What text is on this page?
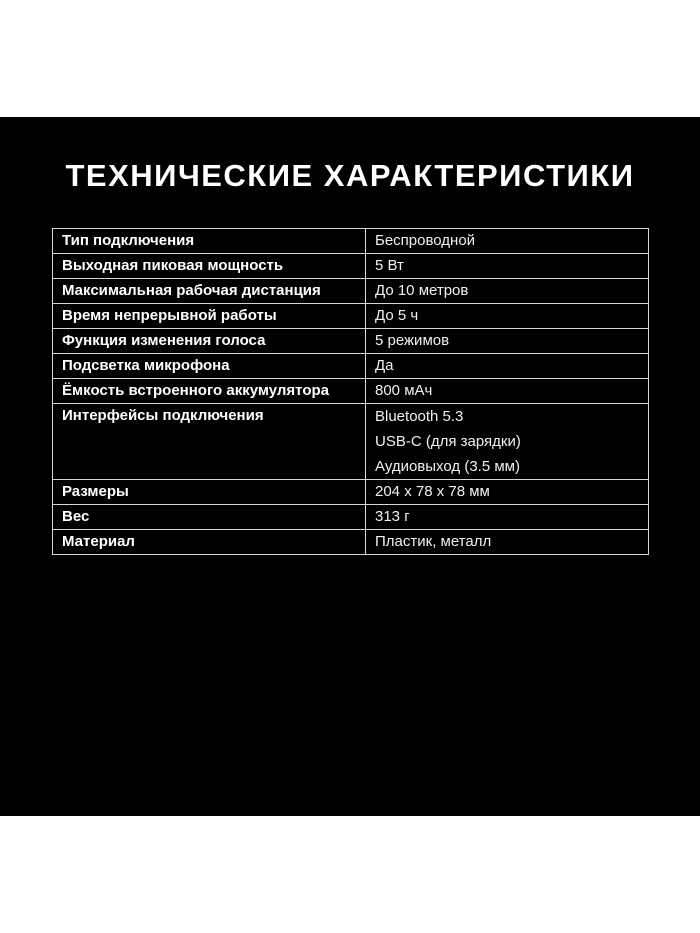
ТЕХНИЧЕСКИЕ ХАРАКТЕРИСТИКИ
Тип подключения	Беспроводной
Выходная пиковая мощность	5 Вт
Максимальная рабочая дистанция	До 10 метров
Время непрерывной работы	До 5 ч
Функция изменения голоса	5 режимов
Подсветка микрофона	Да
Ёмкость встроенного аккумулятора	800 мАч
Интерфейсы подключения	Bluetooth 5.3
USB-C (для зарядки)
Аудиовыход (3.5 мм)

Размеры	204 x 78 x 78 мм
Вес	313 г
Материал	Пластик, металл
